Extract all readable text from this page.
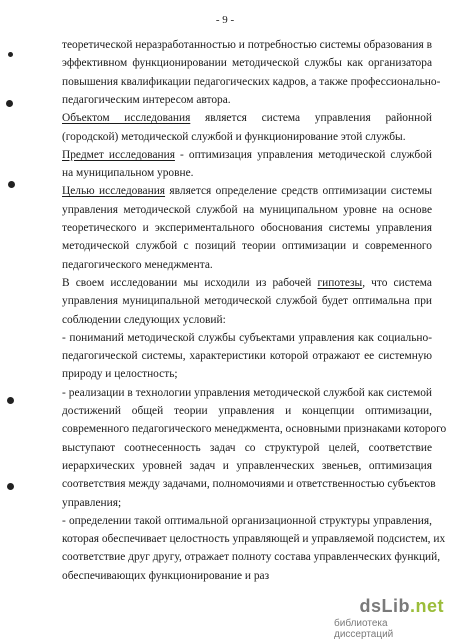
- 9 -
теоретической неразработанностью и потребностью системы образования в
эффективном функционировании методической службы как организатора
повышения квалификации педагогических кадров, а также профессионально-
педагогическим интересом автора.
Объектом исследования является система управления районной
(городской) методической службой и функционирование этой службы.
Предмет исследования - оптимизация управления методической службой
на муниципальном уровне.
Целью исследования является определение средств оптимизации системы
управления методической службой на муниципальном уровне на основе
теоретического и экспериментального обоснования системы управления
методической службой с позиций теории оптимизации и современного
педагогического менеджмента.
В своем исследовании мы исходили из рабочей гипотезы, что система
управления муниципальной методической службой будет оптимальна при
соблюдении следующих условий:
- пониманий методической службы субъектами управления как социально-
педагогической системы, характеристики которой отражают ее системную
природу и целостность;
- реализации в технологии управления методической службой как системой
достижений общей теории управления и концепции оптимизации,
современного педагогического менеджмента, основными признаками которого
выступают соотнесенность задач со структурой целей, соответствие
иерархических уровней задач и управленческих звеньев, оптимизация
соответствия между задачами, полномочиями и ответственностью субъектов
управления;
- определении такой оптимальной организационной структуры управления,
которая обеспечивает целостность управляющей и управляемой подсистем, их
соответствие друг другу, отражает полноту состава управленческих функций,
обеспечивающих функционирование и раз
dsLib.net
библиотека диссертаций
